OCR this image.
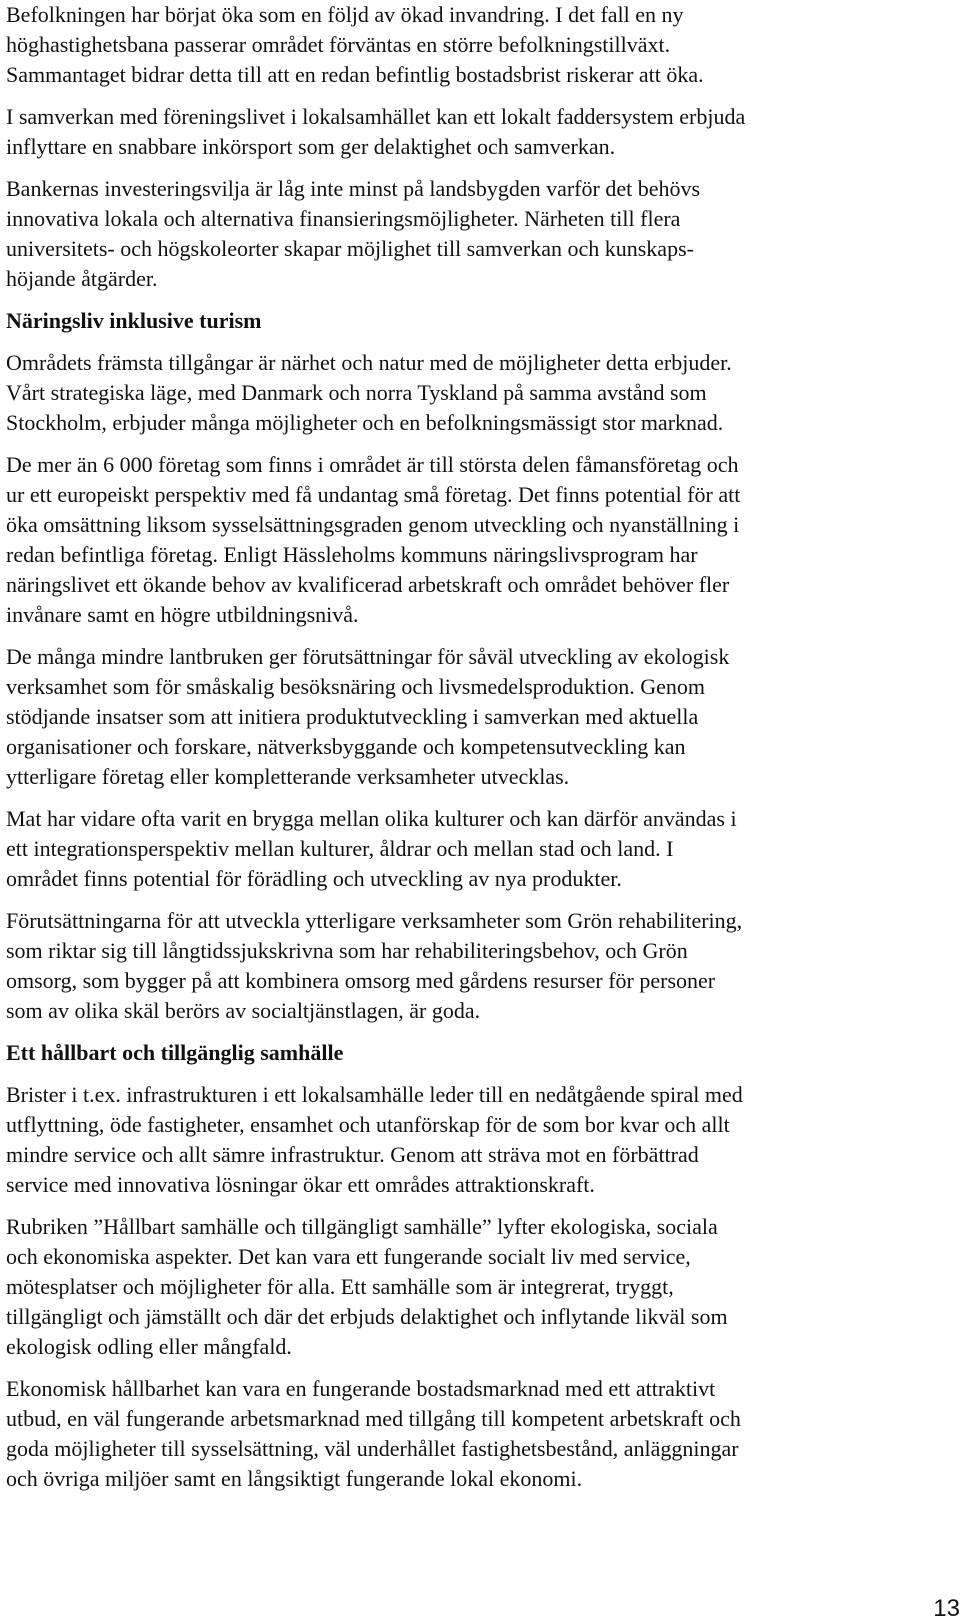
Befolkningen har börjat öka som en följd av ökad invandring. I det fall en ny

höghastighetsbana passerar området förväntas en större befolkningstillväxt.

Sammantaget bidrar detta till att en redan befintlig bostadsbrist riskerar att öka.

I samverkan med föreningslivet i lokalsamhället kan ett lokalt faddersystem erbjuda

inflyttare en snabbare inkörsport som ger delaktighet och samverkan.

Bankernas investeringsvilja är låg inte minst på landsbygden varför det behövs

innovativa lokala och alternativa finansieringsmöjligheter. Närheten till flera

universitets- och högskoleorter skapar möjlighet till samverkan och kunskaps-

höjande åtgärder.

Näringsliv inklusive turism

Områdets främsta tillgångar är närhet och natur med de möjligheter detta erbjuder.

Vårt strategiska läge, med Danmark och norra Tyskland på samma avstånd som

Stockholm, erbjuder många möjligheter och en befolkningsmässigt stor marknad.

De mer än 6 000 företag som finns i området är till största delen fåmansföretag och

ur ett europeiskt perspektiv med få undantag små företag. Det finns potential för att

öka omsättning liksom sysselsättningsgraden genom utveckling och nyanställning i

redan befintliga företag. Enligt Hässleholms kommuns näringslivsprogram har

näringslivet ett ökande behov av kvalificerad arbetskraft och området behöver fler

invånare samt en högre utbildningsnivå.

De många mindre lantbruken ger förutsättningar för såväl utveckling av ekologisk

verksamhet som för småskalig besöksnäring och livsmedelsproduktion. Genom

stödjande insatser som att initiera produktutveckling i samverkan med aktuella

organisationer och forskare, nätverksbyggande och kompetensutveckling kan

ytterligare företag eller kompletterande verksamheter utvecklas.

Mat har vidare ofta varit en brygga mellan olika kulturer och kan därför användas i

ett integrationsperspektiv mellan kulturer, åldrar och mellan stad och land. I

området finns potential för förädling och utveckling av nya produkter.

Förutsättningarna för att utveckla ytterligare verksamheter som Grön rehabilitering,

som riktar sig till långtidssjukskrivna som har rehabiliteringsbehov, och Grön

omsorg, som bygger på att kombinera omsorg med gårdens resurser för personer

som av olika skäl berörs av socialtjänstlagen, är goda.

Ett hållbart och tillgänglig samhälle

Brister i t.ex. infrastrukturen i ett lokalsamhälle leder till en nedåtgående spiral med

utflyttning, öde fastigheter, ensamhet och utanförskap för de som bor kvar och allt

mindre service och allt sämre infrastruktur. Genom att sträva mot en förbättrad

service med innovativa lösningar ökar ett områdes attraktionskraft.

Rubriken ”Hållbart samhälle och tillgängligt samhälle” lyfter ekologiska, sociala

och ekonomiska aspekter. Det kan vara ett fungerande socialt liv med service,

mötesplatser och möjligheter för alla. Ett samhälle som är integrerat, tryggt,

tillgängligt och jämställt och där det erbjuds delaktighet och inflytande likväl som

ekologisk odling eller mångfald.

Ekonomisk hållbarhet kan vara en fungerande bostadsmarknad med ett attraktivt

utbud, en väl fungerande arbetsmarknad med tillgång till kompetent arbetskraft och

goda möjligheter till sysselsättning, väl underhållet fastighetsbestånd, anläggningar

och övriga miljöer samt en långsiktigt fungerande lokal ekonomi.

13
